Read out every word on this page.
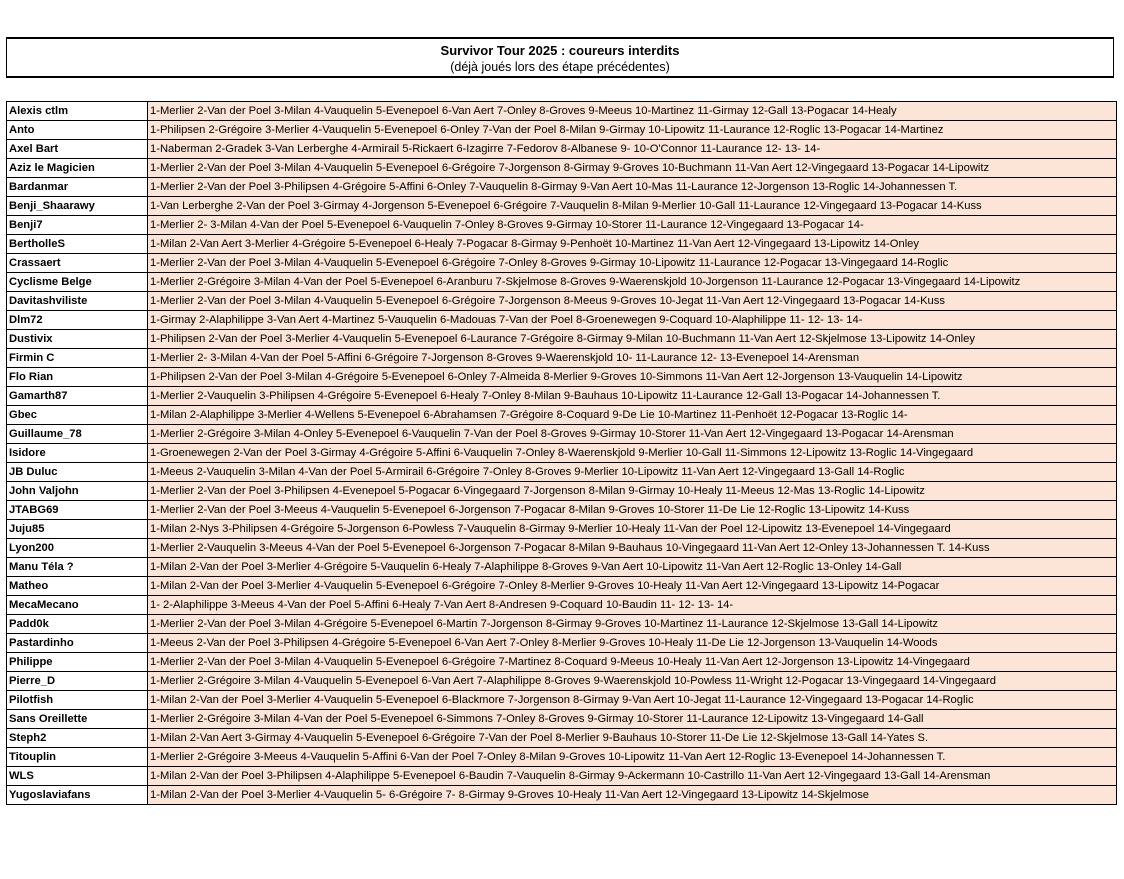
Survivor Tour 2025 : coureurs interdits
(déjà joués lors des étape précédentes)
Alexis ctlm	1-Merlier 2-Van der Poel 3-Milan 4-Vauquelin 5-Evenepoel 6-Van Aert 7-Onley 8-Groves 9-Meeus 10-Martinez 11-Girmay 12-Gall 13-Pogacar 14-Healy
Anto	1-Philipsen 2-Grégoire 3-Merlier 4-Vauquelin 5-Evenepoel 6-Onley 7-Van der Poel 8-Milan 9-Girmay 10-Lipowitz 11-Laurance 12-Roglic 13-Pogacar 14-Martinez
Axel Bart	1-Naberman 2-Gradek 3-Van Lerberghe 4-Armirail 5-Rickaert 6-Izagirre 7-Fedorov 8-Albanese 9- 10-O'Connor 11-Laurance 12- 13- 14-
Aziz le Magicien	1-Merlier 2-Van der Poel 3-Milan 4-Vauquelin 5-Evenepoel 6-Grégoire 7-Jorgenson 8-Girmay 9-Groves 10-Buchmann 11-Van Aert 12-Vingegaard 13-Pogacar 14-Lipowitz
Bardanmar	1-Merlier 2-Van der Poel 3-Philipsen 4-Grégoire 5-Affini 6-Onley 7-Vauquelin 8-Girmay 9-Van Aert 10-Mas 11-Laurance 12-Jorgenson 13-Roglic 14-Johannessen T.
Benji_Shaarawy	1-Van Lerberghe 2-Van der Poel 3-Girmay 4-Jorgenson 5-Evenepoel 6-Grégoire 7-Vauquelin 8-Milan 9-Merlier 10-Gall 11-Laurance 12-Vingegaard 13-Pogacar 14-Kuss
Benji7	1-Merlier 2- 3-Milan 4-Van der Poel 5-Evenepoel 6-Vauquelin 7-Onley 8-Groves 9-Girmay 10-Storer 11-Laurance 12-Vingegaard 13-Pogacar 14-
BertholleS	1-Milan 2-Van Aert 3-Merlier 4-Grégoire 5-Evenepoel 6-Healy 7-Pogacar 8-Girmay 9-Penhoët 10-Martinez 11-Van Aert 12-Vingegaard 13-Lipowitz 14-Onley
Crassaert	1-Merlier 2-Van der Poel 3-Milan 4-Vauquelin 5-Evenepoel 6-Grégoire 7-Onley 8-Groves 9-Girmay 10-Lipowitz 11-Laurance 12-Pogacar 13-Vingegaard 14-Roglic
Cyclisme Belge	1-Merlier 2-Grégoire 3-Milan 4-Van der Poel 5-Evenepoel 6-Aranburu 7-Skjelmose 8-Groves 9-Waerenskjold 10-Jorgenson 11-Laurance 12-Pogacar 13-Vingegaard 14-Lipowitz
Davitashviliste	1-Merlier 2-Van der Poel 3-Milan 4-Vauquelin 5-Evenepoel 6-Grégoire 7-Jorgenson 8-Meeus 9-Groves 10-Jegat 11-Van Aert 12-Vingegaard 13-Pogacar 14-Kuss
Dlm72	1-Girmay 2-Alaphilippe 3-Van Aert 4-Martinez 5-Vauquelin 6-Madouas 7-Van der Poel 8-Groenewegen 9-Coquard 10-Alaphilippe 11- 12- 13- 14-
Dustivix	1-Philipsen 2-Van der Poel 3-Merlier 4-Vauquelin 5-Evenepoel 6-Laurance 7-Grégoire 8-Girmay 9-Milan 10-Buchmann 11-Van Aert 12-Skjelmose 13-Lipowitz 14-Onley
Firmin C	1-Merlier 2- 3-Milan 4-Van der Poel 5-Affini 6-Grégoire 7-Jorgenson 8-Groves 9-Waerenskjold 10- 11-Laurance 12- 13-Evenepoel 14-Arensman
Flo Rian	1-Philipsen 2-Van der Poel 3-Milan 4-Grégoire 5-Evenepoel 6-Onley 7-Almeida 8-Merlier 9-Groves 10-Simmons 11-Van Aert 12-Jorgenson 13-Vauquelin 14-Lipowitz
Gamarth87	1-Merlier 2-Vauquelin 3-Philipsen 4-Grégoire 5-Evenepoel 6-Healy 7-Onley 8-Milan 9-Bauhaus 10-Lipowitz 11-Laurance 12-Gall 13-Pogacar 14-Johannessen T.
Gbec	1-Milan 2-Alaphilippe 3-Merlier 4-Wellens 5-Evenepoel 6-Abrahamsen 7-Grégoire 8-Coquard 9-De Lie 10-Martinez 11-Penhoët 12-Pogacar 13-Roglic 14-
Guillaume_78	1-Merlier 2-Grégoire 3-Milan 4-Onley 5-Evenepoel 6-Vauquelin 7-Van der Poel 8-Groves 9-Girmay 10-Storer 11-Van Aert 12-Vingegaard 13-Pogacar 14-Arensman
Isidore	1-Groenewegen 2-Van der Poel 3-Girmay 4-Grégoire 5-Affini 6-Vauquelin 7-Onley 8-Waerenskjold 9-Merlier 10-Gall 11-Simmons 12-Lipowitz 13-Roglic 14-Vingegaard
JB Duluc	1-Meeus 2-Vauquelin 3-Milan 4-Van der Poel 5-Armirail 6-Grégoire 7-Onley 8-Groves 9-Merlier 10-Lipowitz 11-Van Aert 12-Vingegaard 13-Gall 14-Roglic
John Valjohn	1-Merlier 2-Van der Poel 3-Philipsen 4-Evenepoel 5-Pogacar 6-Vingegaard 7-Jorgenson 8-Milan 9-Girmay 10-Healy 11-Meeus 12-Mas 13-Roglic 14-Lipowitz
JTABG69	1-Merlier 2-Van der Poel 3-Meeus 4-Vauquelin 5-Evenepoel 6-Jorgenson 7-Pogacar 8-Milan 9-Groves 10-Storer 11-De Lie 12-Roglic 13-Lipowitz 14-Kuss
Juju85	1-Milan 2-Nys 3-Philipsen 4-Grégoire 5-Jorgenson 6-Powless 7-Vauquelin 8-Girmay 9-Merlier 10-Healy 11-Van der Poel 12-Lipowitz 13-Evenepoel 14-Vingegaard
Lyon200	1-Merlier 2-Vauquelin 3-Meeus 4-Van der Poel 5-Evenepoel 6-Jorgenson 7-Pogacar 8-Milan 9-Bauhaus 10-Vingegaard 11-Van Aert 12-Onley 13-Johannessen T. 14-Kuss
Manu Téla ?	1-Milan 2-Van der Poel 3-Merlier 4-Grégoire 5-Vauquelin 6-Healy 7-Alaphilippe 8-Groves 9-Van Aert 10-Lipowitz 11-Van Aert 12-Roglic 13-Onley 14-Gall
Matheo	1-Milan 2-Van der Poel 3-Merlier 4-Vauquelin 5-Evenepoel 6-Grégoire 7-Onley 8-Merlier 9-Groves 10-Healy 11-Van Aert 12-Vingegaard 13-Lipowitz 14-Pogacar
MecaMecano	1- 2-Alaphilippe 3-Meeus 4-Van der Poel 5-Affini 6-Healy 7-Van Aert 8-Andresen 9-Coquard 10-Baudin 11- 12- 13- 14-
Padd0k	1-Merlier 2-Van der Poel 3-Milan 4-Grégoire 5-Evenepoel 6-Martin 7-Jorgenson 8-Girmay 9-Groves 10-Martinez 11-Laurance 12-Skjelmose 13-Gall 14-Lipowitz
Pastardinho	1-Meeus 2-Van der Poel 3-Philipsen 4-Grégoire 5-Evenepoel 6-Van Aert 7-Onley 8-Merlier 9-Groves 10-Healy 11-De Lie 12-Jorgenson 13-Vauquelin 14-Woods
Philippe	1-Merlier 2-Van der Poel 3-Milan 4-Vauquelin 5-Evenepoel 6-Grégoire 7-Martinez 8-Coquard 9-Meeus 10-Healy 11-Van Aert 12-Jorgenson 13-Lipowitz 14-Vingegaard
Pierre_D	1-Merlier 2-Grégoire 3-Milan 4-Vauquelin 5-Evenepoel 6-Van Aert 7-Alaphilippe 8-Groves 9-Waerenskjold 10-Powless 11-Wright 12-Pogacar 13-Vingegaard 14-Vingegaard
Pilotfish	1-Milan 2-Van der Poel 3-Merlier 4-Vauquelin 5-Evenepoel 6-Blackmore 7-Jorgenson 8-Girmay 9-Van Aert 10-Jegat 11-Laurance 12-Vingegaard 13-Pogacar 14-Roglic
Sans Oreillette	1-Merlier 2-Grégoire 3-Milan 4-Van der Poel 5-Evenepoel 6-Simmons 7-Onley 8-Groves 9-Girmay 10-Storer 11-Laurance 12-Lipowitz 13-Vingegaard 14-Gall
Steph2	1-Milan 2-Van Aert 3-Girmay 4-Vauquelin 5-Evenepoel 6-Grégoire 7-Van der Poel 8-Merlier 9-Bauhaus 10-Storer 11-De Lie 12-Skjelmose 13-Gall 14-Yates S.
Titouplin	1-Merlier 2-Grégoire 3-Meeus 4-Vauquelin 5-Affini 6-Van der Poel 7-Onley 8-Milan 9-Groves 10-Lipowitz 11-Van Aert 12-Roglic 13-Evenepoel 14-Johannessen T.
WLS	1-Milan 2-Van der Poel 3-Philipsen 4-Alaphilippe 5-Evenepoel 6-Baudin 7-Vauquelin 8-Girmay 9-Ackermann 10-Castrillo 11-Van Aert 12-Vingegaard 13-Gall 14-Arensman
Yugoslaviafans	1-Milan 2-Van der Poel 3-Merlier 4-Vauquelin 5- 6-Grégoire 7- 8-Girmay 9-Groves 10-Healy 11-Van Aert 12-Vingegaard 13-Lipowitz 14-Skjelmose
